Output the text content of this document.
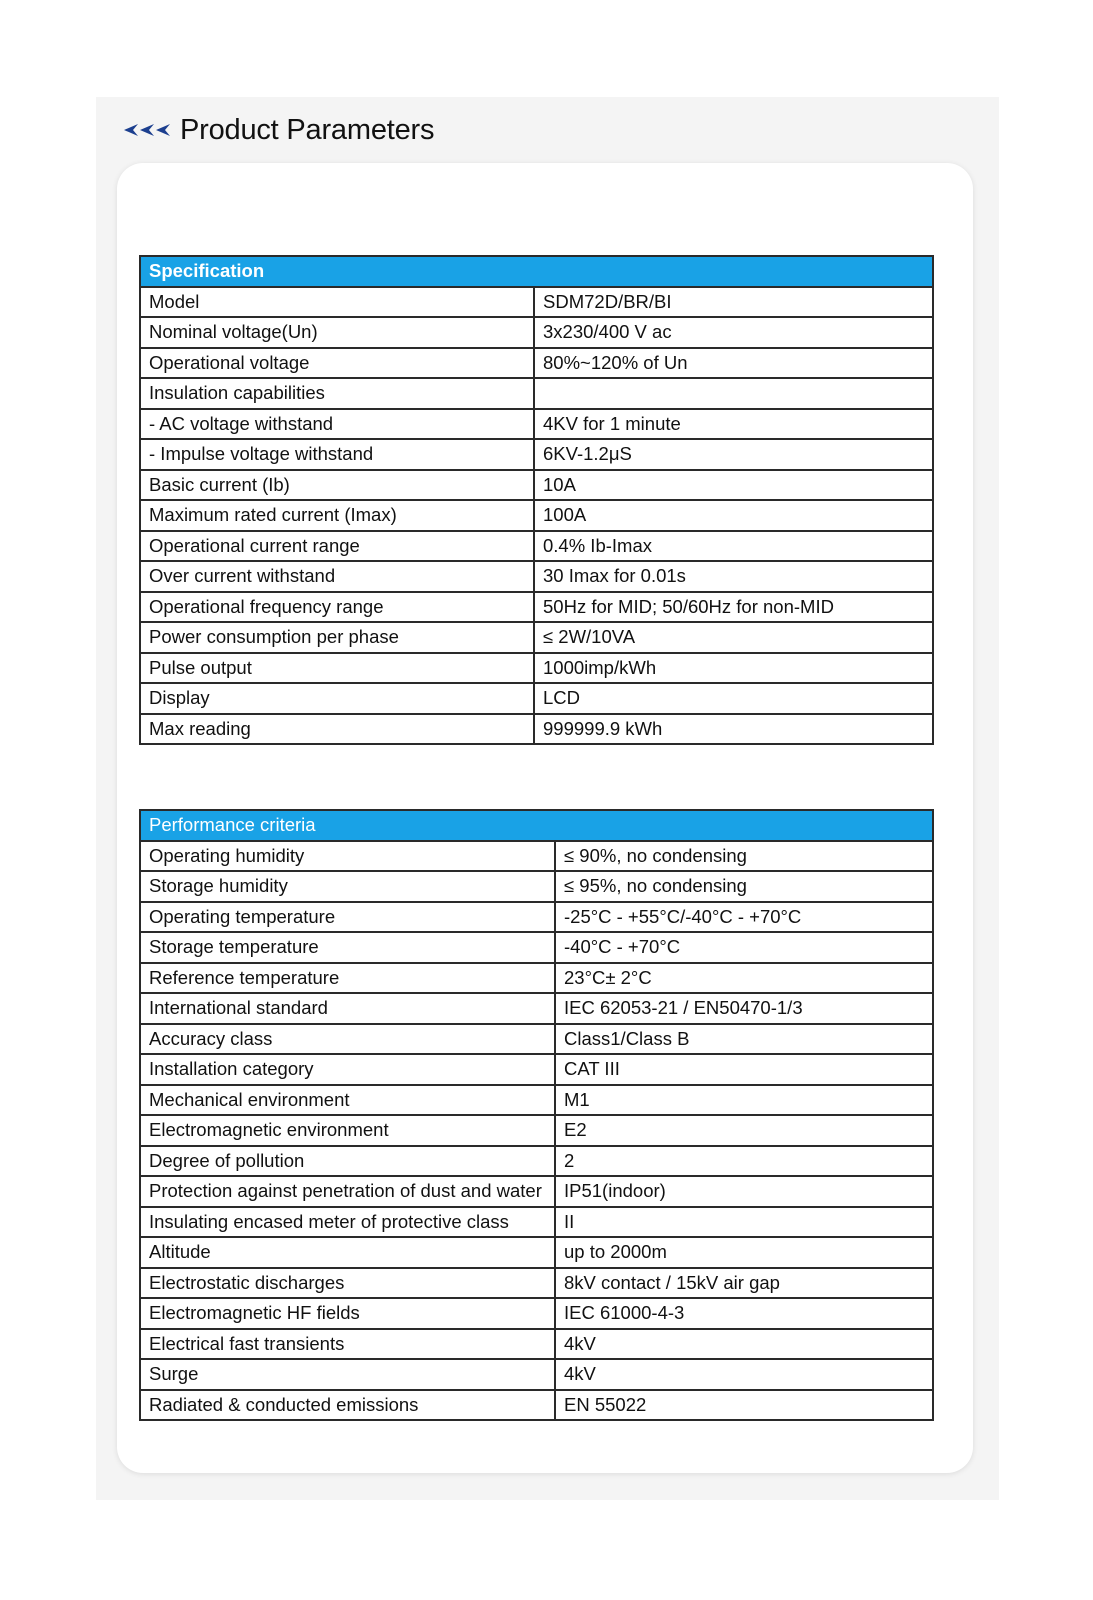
Product Parameters
Specification	
Model	SDM72D/BR/BI
Nominal voltage(Un)	3x230/400 V ac
Operational voltage	80%~120% of Un
Insulation capabilities	
- AC voltage withstand	4KV for 1 minute
- Impulse voltage withstand	6KV-1.2μS
Basic current (Ib)	10A
Maximum rated current (Imax)	100A
Operational current range	0.4% Ib-Imax
Over current withstand	30 Imax for 0.01s
Operational frequency range	50Hz for MID; 50/60Hz for non-MID
Power consumption per phase	≤ 2W/10VA
Pulse output	1000imp/kWh
Display	LCD
Max reading	999999.9 kWh
Performance criteria	
Operating humidity	≤ 90%, no condensing
Storage humidity	≤ 95%, no condensing
Operating temperature	-25°C - +55°C/-40°C - +70°C
Storage temperature	-40°C - +70°C
Reference temperature	23°C± 2°C
International standard	IEC 62053-21 / EN50470-1/3
Accuracy class	Class1/Class B
Installation category	CAT III
Mechanical environment	M1
Electromagnetic environment	E2
Degree of pollution	2
Protection against penetration of dust and water	IP51(indoor)
Insulating encased meter of protective class	II
Altitude	up to 2000m
Electrostatic discharges	8kV contact / 15kV air gap
Electromagnetic HF fields	IEC 61000-4-3
Electrical fast transients	4kV
Surge	4kV
Radiated & conducted emissions	EN 55022
